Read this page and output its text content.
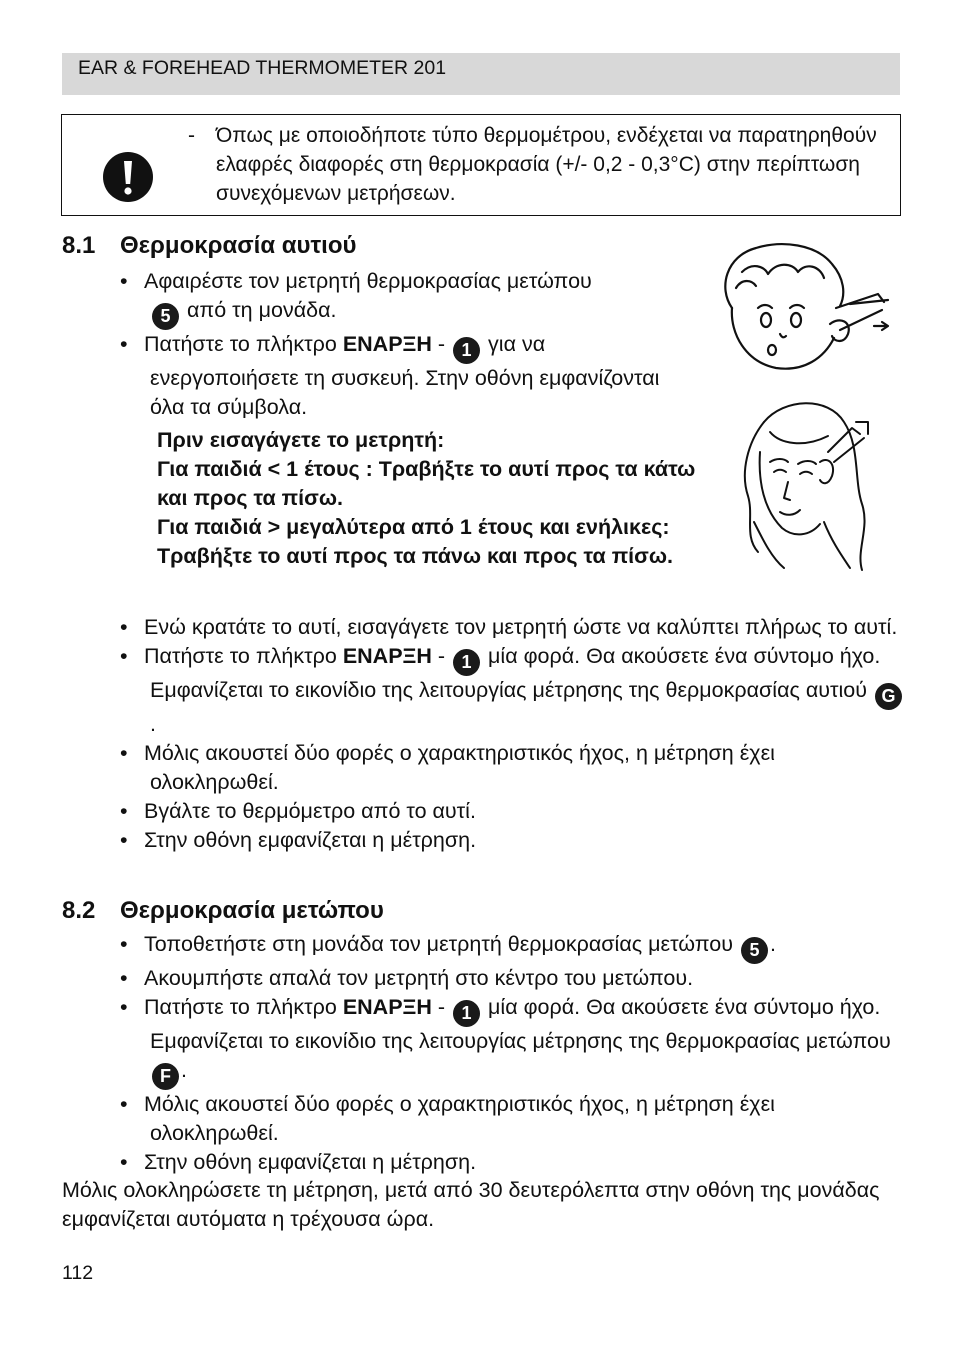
EAR & FOREHEAD THERMOMETER 201
-	Όπως με οποιοδήποτε τύπο θερμομέτρου, ενδέχεται να παρατηρηθούν ελαφρές διαφορές στη θερμοκρασία (+/- 0,2 - 0,3°C) στην περίπτωση συνεχόμενων μετρήσεων.
8.1 Θερμοκρασία αυτιού
• Αφαιρέστε τον μετρητή θερμοκρασίας μετώπου
5 από τη μονάδα.
• Πατήστε το πλήκτρο ΕΝΑΡΞΗ - 1 για να ενεργοποιήσετε τη συσκευή. Στην οθόνη εμφανίζονται όλα τα σύμβολα.
Πριν εισαγάγετε το μετρητή:
Για παιδιά < 1 έτους : Τραβήξτε το αυτί προς τα κάτω και προς τα πίσω.
Για παιδιά > μεγαλύτερα από 1 έτους και ενήλικες: Τραβήξτε το αυτί προς τα πάνω και προς τα πίσω.
• Ενώ κρατάτε το αυτί, εισαγάγετε τον μετρητή ώστε να καλύπτει πλήρως το αυτί.
• Πατήστε το πλήκτρο ΕΝΑΡΞΗ - 1 μία φορά. Θα ακούσετε ένα σύντομο ήχο. Εμφανίζεται το εικονίδιο της λειτουργίας μέτρησης της θερμοκρασίας αυτιού G.
• Μόλις ακουστεί δύο φορές ο χαρακτηριστικός ήχος, η μέτρηση έχει ολοκληρωθεί.
• Βγάλτε το θερμόμετρο από το αυτί.
• Στην οθόνη εμφανίζεται η μέτρηση.
8.2 Θερμοκρασία μετώπου
• Τοποθετήστε στη μονάδα τον μετρητή θερμοκρασίας μετώπου 5 .
• Ακουμπήστε απαλά τον μετρητή στο κέντρο του μετώπου.
• Πατήστε το πλήκτρο ΕΝΑΡΞΗ - 1 μία φορά. Θα ακούσετε ένα σύντομο ήχο. Εμφανίζεται το εικονίδιο της λειτουργίας μέτρησης της θερμοκρασίας μετώπου F .
• Μόλις ακουστεί δύο φορές ο χαρακτηριστικός ήχος, η μέτρηση έχει ολοκληρωθεί.
• Στην οθόνη εμφανίζεται η μέτρηση.
Μόλις ολοκληρώσετε τη μέτρηση, μετά από 30 δευτερόλεπτα στην οθόνη της μονάδας εμφανίζεται αυτόματα η τρέχουσα ώρα.
112
